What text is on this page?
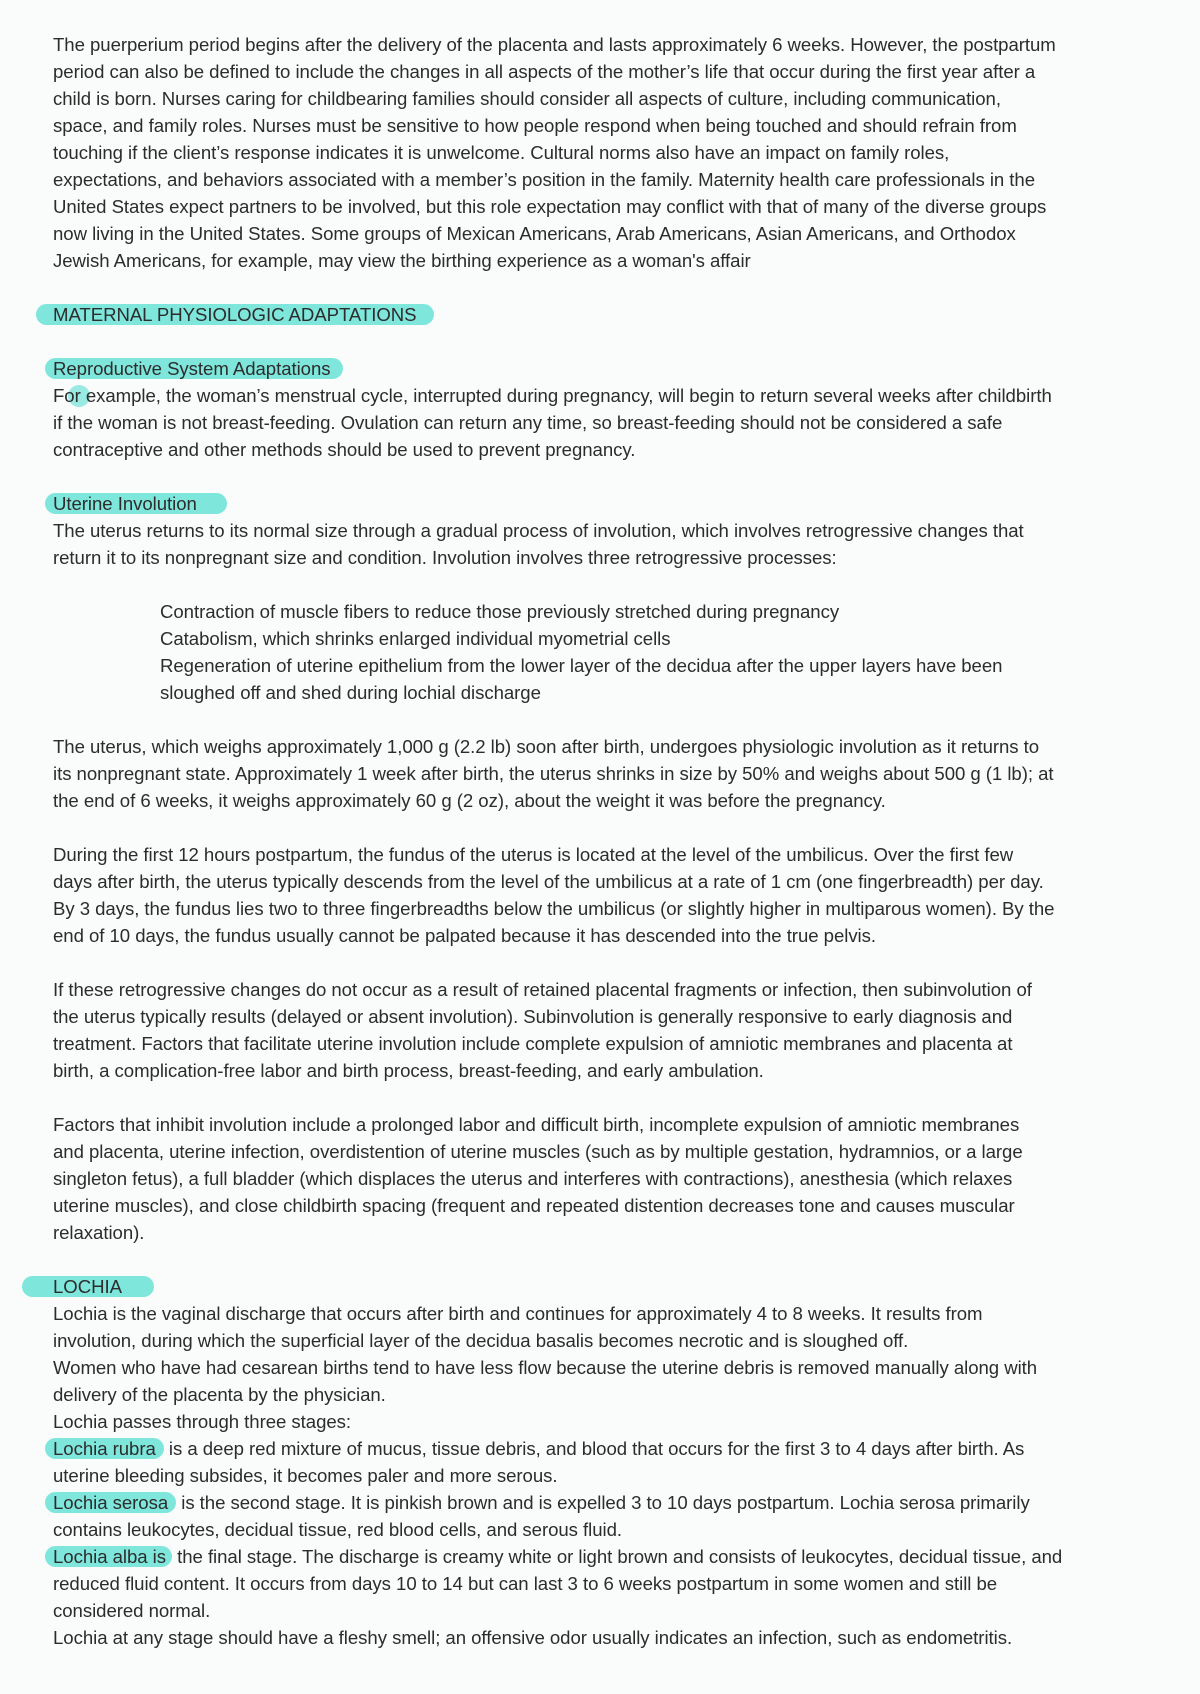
The puerperium period begins after the delivery of the placenta and lasts approximately 6 weeks. However, the postpartum
period can also be defined to include the changes in all aspects of the mother’s life that occur during the first year after a
child is born. Nurses caring for childbearing families should consider all aspects of culture, including communication,
space, and family roles. Nurses must be sensitive to how people respond when being touched and should refrain from
touching if the client’s response indicates it is unwelcome. Cultural norms also have an impact on family roles,
expectations, and behaviors associated with a member’s position in the family. Maternity health care professionals in the
United States expect partners to be involved, but this role expectation may conflict with that of many of the diverse groups
now living in the United States. Some groups of Mexican Americans, Arab Americans, Asian Americans, and Orthodox
Jewish Americans, for example, may view the birthing experience as a woman's affair
MATERNAL PHYSIOLOGIC ADAPTATIONS
Reproductive System Adaptations
For example, the woman’s menstrual cycle, interrupted during pregnancy, will begin to return several weeks after childbirth
if the woman is not breast-feeding. Ovulation can return any time, so breast-feeding should not be considered a safe
contraceptive and other methods should be used to prevent pregnancy.
Uterine Involution
The uterus returns to its normal size through a gradual process of involution, which involves retrogressive changes that
return it to its nonpregnant size and condition. Involution involves three retrogressive processes:
Contraction of muscle fibers to reduce those previously stretched during pregnancy
Catabolism, which shrinks enlarged individual myometrial cells
Regeneration of uterine epithelium from the lower layer of the decidua after the upper layers have been
sloughed off and shed during lochial discharge
The uterus, which weighs approximately 1,000 g (2.2 lb) soon after birth, undergoes physiologic involution as it returns to
its nonpregnant state. Approximately 1 week after birth, the uterus shrinks in size by 50% and weighs about 500 g (1 lb); at
the end of 6 weeks, it weighs approximately 60 g (2 oz), about the weight it was before the pregnancy.
During the first 12 hours postpartum, the fundus of the uterus is located at the level of the umbilicus. Over the first few
days after birth, the uterus typically descends from the level of the umbilicus at a rate of 1 cm (one fingerbreadth) per day.
By 3 days, the fundus lies two to three fingerbreadths below the umbilicus (or slightly higher in multiparous women). By the
end of 10 days, the fundus usually cannot be palpated because it has descended into the true pelvis.
If these retrogressive changes do not occur as a result of retained placental fragments or infection, then subinvolution of
the uterus typically results (delayed or absent involution). Subinvolution is generally responsive to early diagnosis and
treatment. Factors that facilitate uterine involution include complete expulsion of amniotic membranes and placenta at
birth, a complication-free labor and birth process, breast-feeding, and early ambulation.
Factors that inhibit involution include a prolonged labor and difficult birth, incomplete expulsion of amniotic membranes
and placenta, uterine infection, overdistention of uterine muscles (such as by multiple gestation, hydramnios, or a large
singleton fetus), a full bladder (which displaces the uterus and interferes with contractions), anesthesia (which relaxes
uterine muscles), and close childbirth spacing (frequent and repeated distention decreases tone and causes muscular
relaxation).
LOCHIA
Lochia is the vaginal discharge that occurs after birth and continues for approximately 4 to 8 weeks. It results from
involution, during which the superficial layer of the decidua basalis becomes necrotic and is sloughed off.
Women who have had cesarean births tend to have less flow because the uterine debris is removed manually along with
delivery of the placenta by the physician.
Lochia passes through three stages:
Lochia rubra is a deep red mixture of mucus, tissue debris, and blood that occurs for the first 3 to 4 days after birth. As
uterine bleeding subsides, it becomes paler and more serous.
Lochia serosa is the second stage. It is pinkish brown and is expelled 3 to 10 days postpartum. Lochia serosa primarily
contains leukocytes, decidual tissue, red blood cells, and serous fluid.
Lochia alba is the final stage. The discharge is creamy white or light brown and consists of leukocytes, decidual tissue, and
reduced fluid content. It occurs from days 10 to 14 but can last 3 to 6 weeks postpartum in some women and still be
considered normal.
Lochia at any stage should have a fleshy smell; an offensive odor usually indicates an infection, such as endometritis.
